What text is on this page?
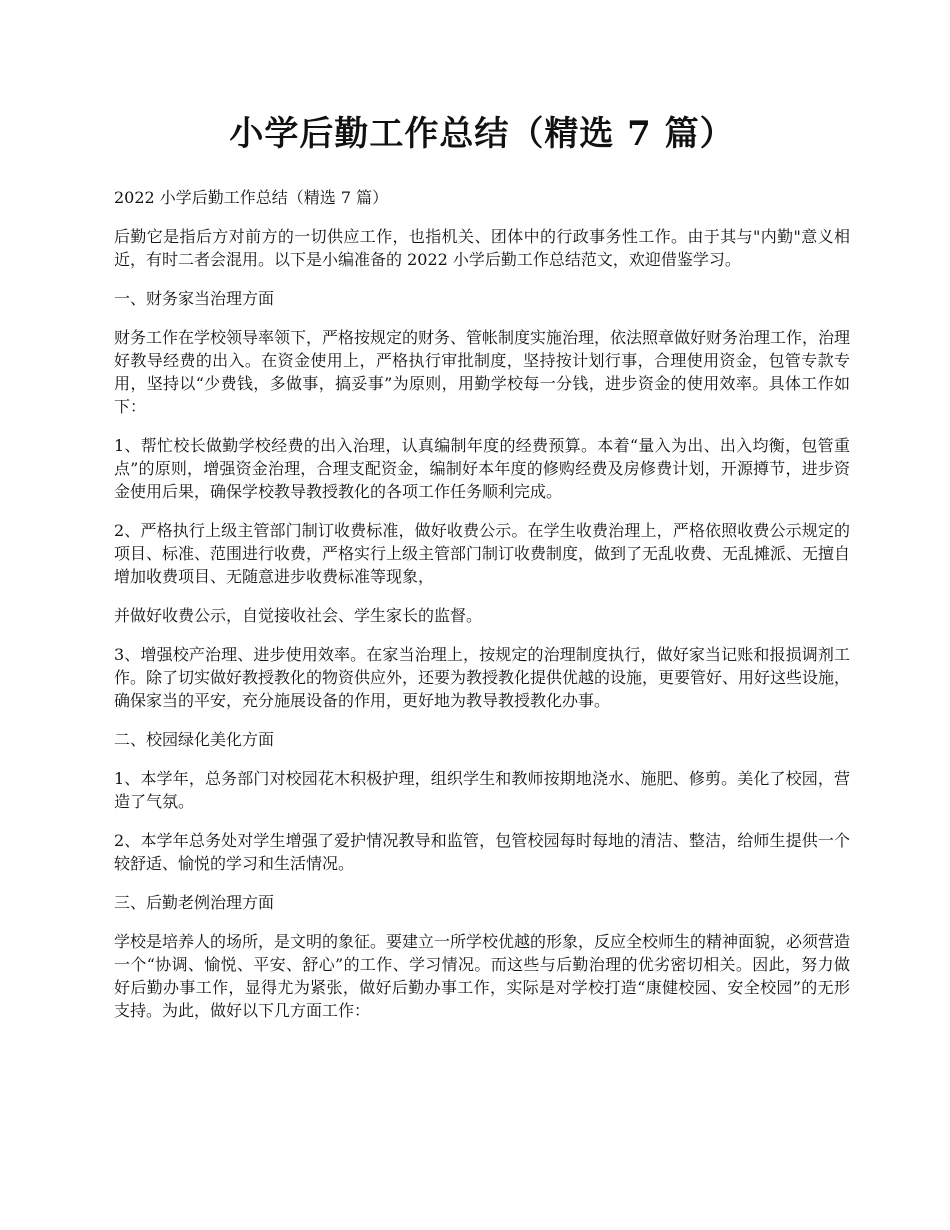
小学后勤工作总结（精选 7 篇）

2022 小学后勤工作总结（精选 7 篇）

后勤它是指后方对前方的一切供应工作，也指机关、团体中的行政事务性工作。由于其与"内勤"意义相近，有时二者会混用。以下是小编准备的 2022 小学后勤工作总结范文，欢迎借鉴学习。

一、财务家当治理方面

财务工作在学校领导率领下，严格按规定的财务、管帐制度实施治理，依法照章做好财务治理工作，治理好教导经费的出入。在资金使用上，严格执行审批制度，坚持按计划行事，合理使用资金，包管专款专用，坚持以“少费钱，多做事，搞妥事”为原则，用勤学校每一分钱，进步资金的使用效率。具体工作如下：

1、帮忙校长做勤学校经费的出入治理，认真编制年度的经费预算。本着“量入为出、出入均衡，包管重点”的原则，增强资金治理，合理支配资金，编制好本年度的修购经费及房修费计划，开源撙节，进步资金使用后果，确保学校教导教授教化的各项工作任务顺利完成。

2、严格执行上级主管部门制订收费标准，做好收费公示。在学生收费治理上，严格依照收费公示规定的项目、标准、范围进行收费，严格实行上级主管部门制订收费制度，做到了无乱收费、无乱摊派、无擅自增加收费项目、无随意进步收费标准等现象，

并做好收费公示，自觉接收社会、学生家长的监督。

3、增强校产治理、进步使用效率。在家当治理上，按规定的治理制度执行，做好家当记账和报损调剂工作。除了切实做好教授教化的物资供应外，还要为教授教化提供优越的设施，更要管好、用好这些设施，确保家当的平安，充分施展设备的作用，更好地为教导教授教化办事。

二、校园绿化美化方面

1、本学年，总务部门对校园花木积极护理，组织学生和教师按期地浇水、施肥、修剪。美化了校园，营造了气氛。

2、本学年总务处对学生增强了爱护情况教导和监管，包管校园每时每地的清洁、整洁，给师生提供一个较舒适、愉悦的学习和生活情况。

三、后勤老例治理方面

学校是培养人的场所，是文明的象征。要建立一所学校优越的形象，反应全校师生的精神面貌，必须营造一个“协调、愉悦、平安、舒心”的工作、学习情况。而这些与后勤治理的优劣密切相关。因此，努力做好后勤办事工作，显得尤为紧张，做好后勤办事工作，实际是对学校打造“康健校园、安全校园”的无形支持。为此，做好以下几方面工作：
